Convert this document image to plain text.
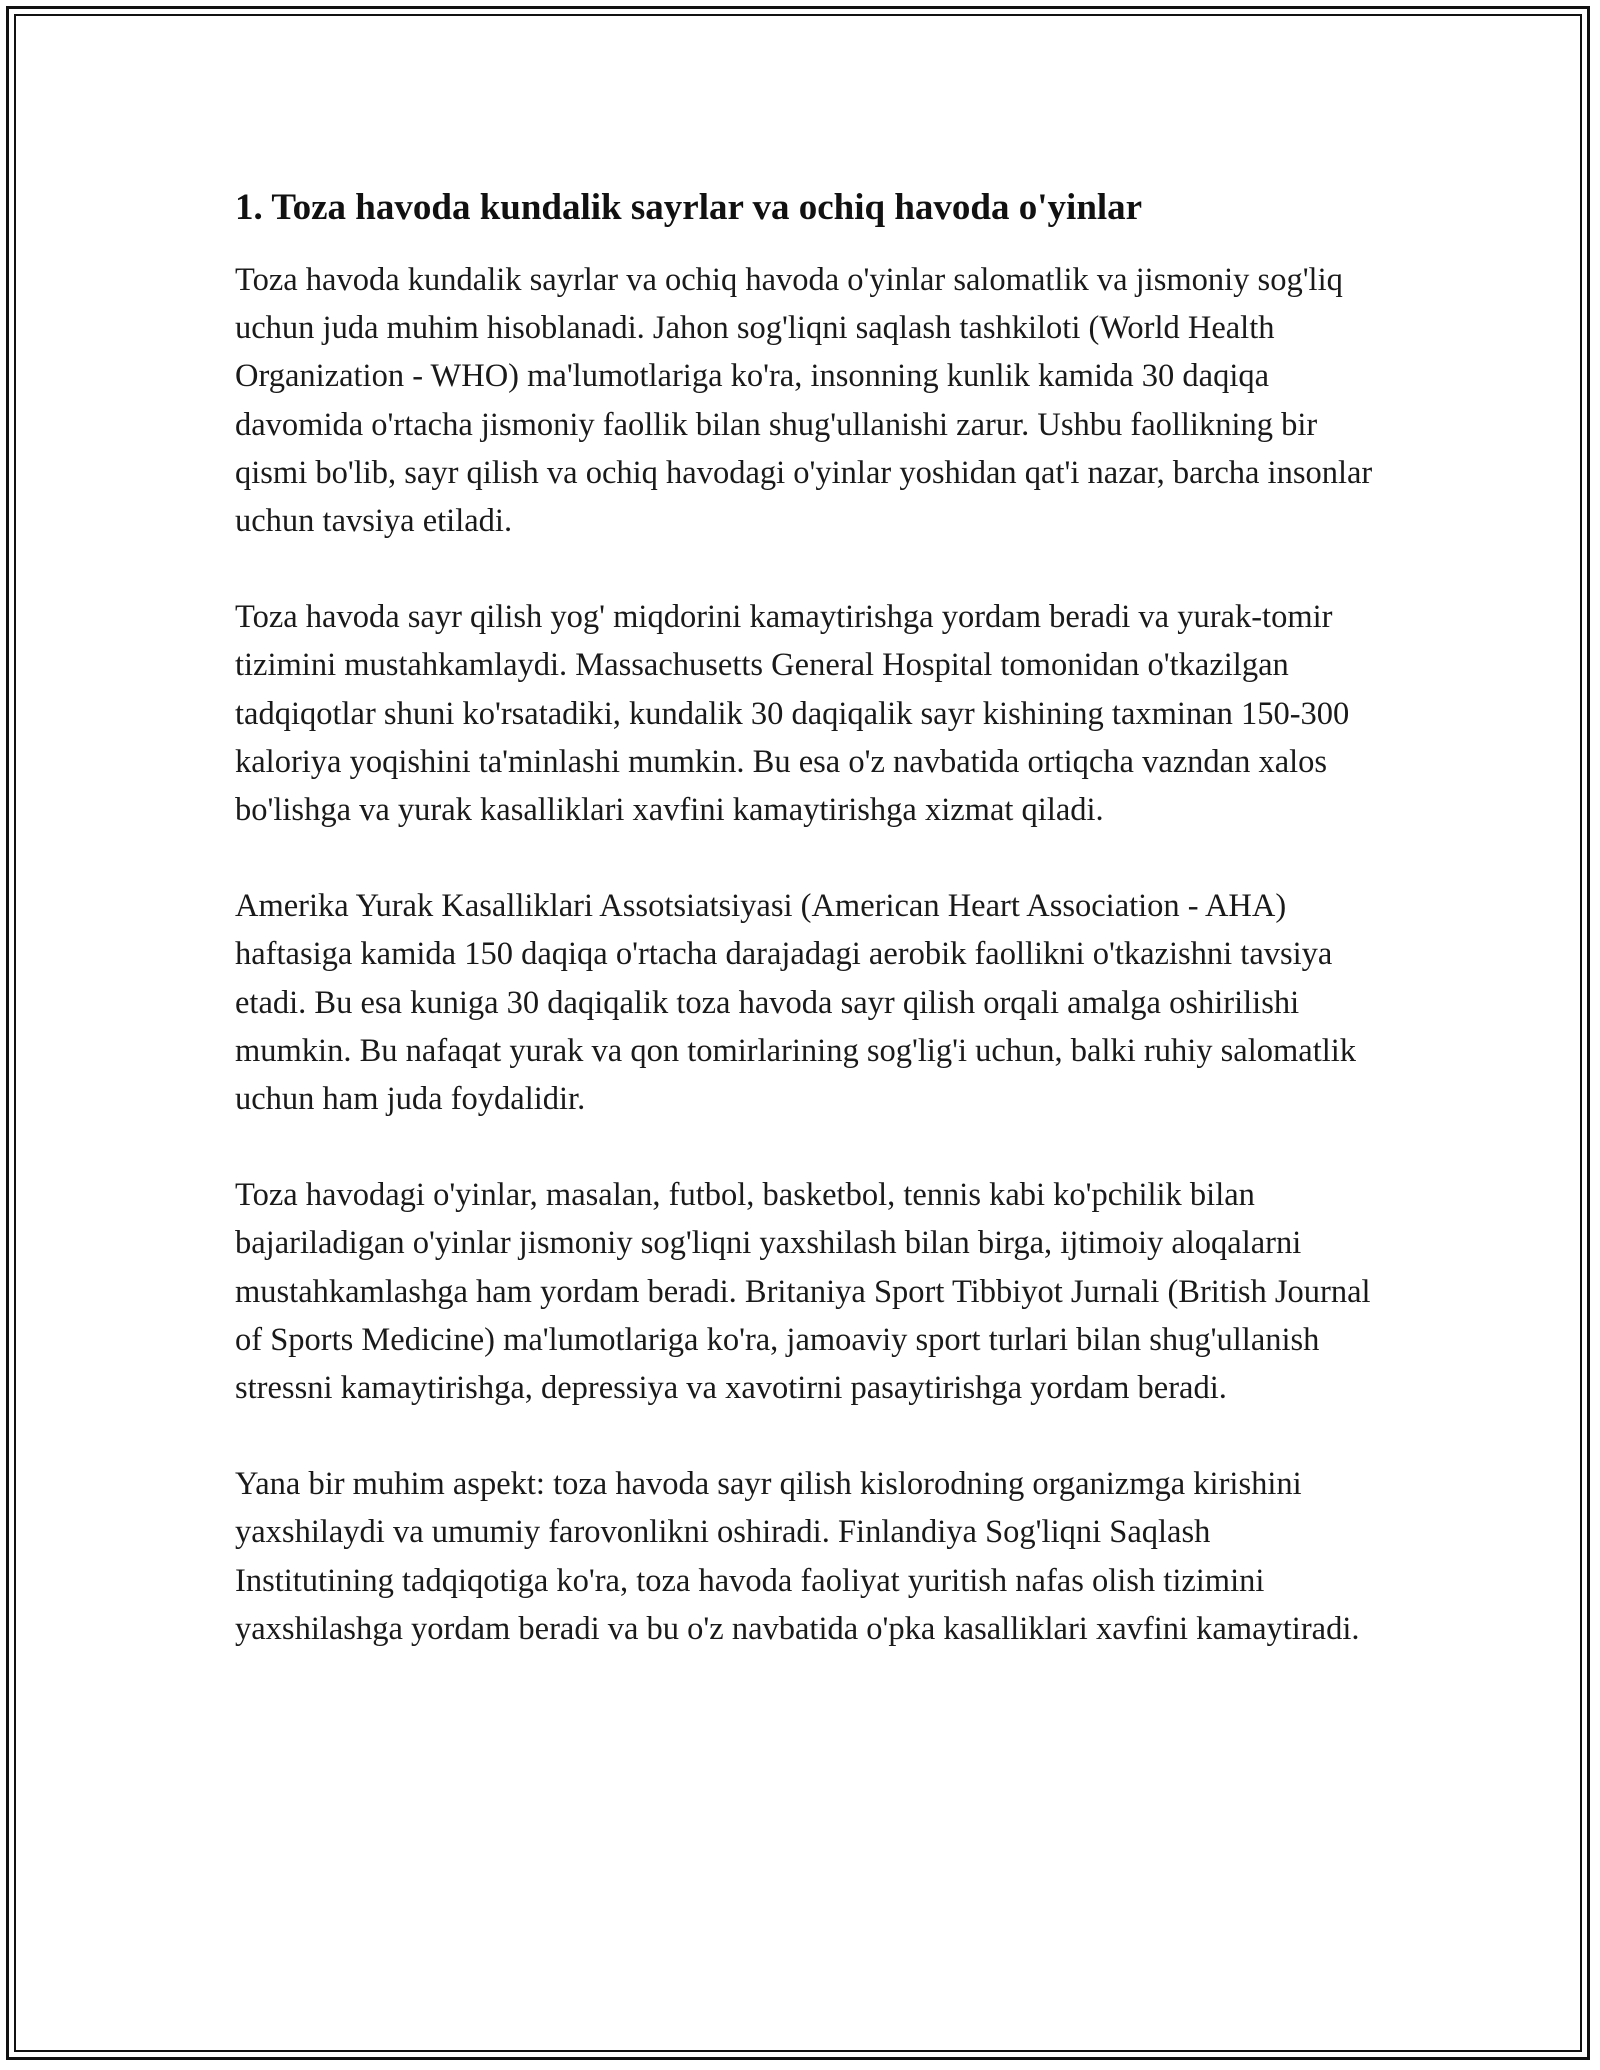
1. Toza havoda kundalik sayrlar va ochiq havoda o'yinlar

Toza havoda kundalik sayrlar va ochiq havoda o'yinlar salomatlik va jismoniy sog'liq uchun juda muhim hisoblanadi. Jahon sog'liqni saqlash tashkiloti (World Health Organization - WHO) ma'lumotlariga ko'ra, insonning kunlik kamida 30 daqiqa davomida o'rtacha jismoniy faollik bilan shug'ullanishi zarur. Ushbu faollikning bir qismi bo'lib, sayr qilish va ochiq havodagi o'yinlar yoshidan qat'i nazar, barcha insonlar uchun tavsiya etiladi.

Toza havoda sayr qilish yog' miqdorini kamaytirishga yordam beradi va yurak-tomir tizimini mustahkamlaydi. Massachusetts General Hospital tomonidan o'tkazilgan tadqiqotlar shuni ko'rsatadiki, kundalik 30 daqiqalik sayr kishining taxminan 150-300 kaloriya yoqishini ta'minlashi mumkin. Bu esa o'z navbatida ortiqcha vazndan xalos bo'lishga va yurak kasalliklari xavfini kamaytirishga xizmat qiladi.

Amerika Yurak Kasalliklari Assotsiatsiyasi (American Heart Association - AHA) haftasiga kamida 150 daqiqa o'rtacha darajadagi aerobik faollikni o'tkazishni tavsiya etadi. Bu esa kuniga 30 daqiqalik toza havoda sayr qilish orqali amalga oshirilishi mumkin. Bu nafaqat yurak va qon tomirlarining sog'lig'i uchun, balki ruhiy salomatlik uchun ham juda foydalidir.

Toza havodagi o'yinlar, masalan, futbol, basketbol, tennis kabi ko'pchilik bilan bajariladigan o'yinlar jismoniy sog'liqni yaxshilash bilan birga, ijtimoiy aloqalarni mustahkamlashga ham yordam beradi. Britaniya Sport Tibbiyot Jurnali (British Journal of Sports Medicine) ma'lumotlariga ko'ra, jamoaviy sport turlari bilan shug'ullanish stressni kamaytirishga, depressiya va xavotirni pasaytirishga yordam beradi.

Yana bir muhim aspekt: toza havoda sayr qilish kislorodning organizmga kirishini yaxshilaydi va umumiy farovonlikni oshiradi. Finlandiya Sog'liqni Saqlash Institutining tadqiqotiga ko'ra, toza havoda faoliyat yuritish nafas olish tizimini yaxshilashga yordam beradi va bu o'z navbatida o'pka kasalliklari xavfini kamaytiradi.
